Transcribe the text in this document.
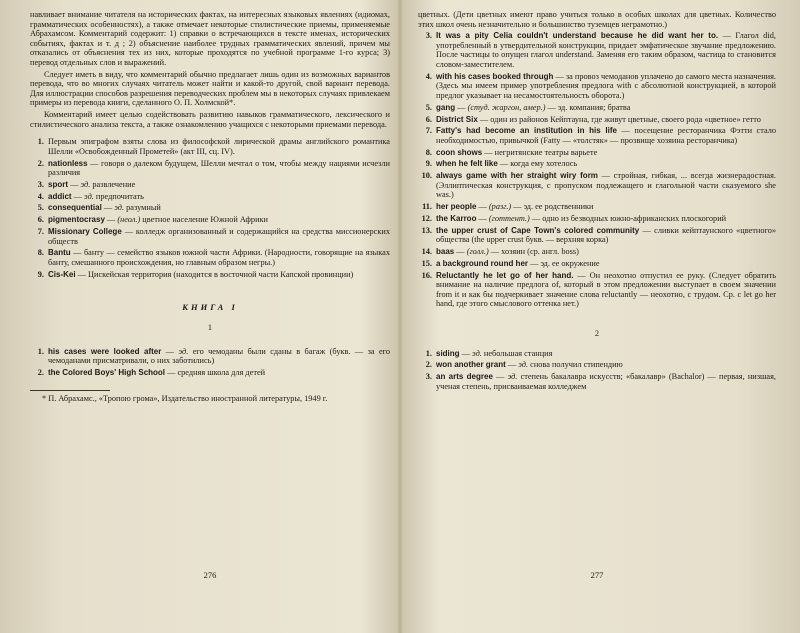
навливает внимание читателя на исторических фактах, на интересных языковых явлениях (идиомах, грамматических особенностях), а также отмечает некоторые стилистические приемы, применяемые Абрахамсом. Комментарий содержит: 1) справки о встречающихся в тексте именах, исторических событиях, фактах и т. д ; 2) объяснение наиболее трудных грамматических явлений, причем мы отказались от объяснения тех из них, которые проходятся по учебной программе 1-го курса; 3) перевод отдельных слов и выражений.

Следует иметь в виду, что комментарий обычно предлагает лишь один из возможных вариантов перевода, что во многих случаях читатель может найти и какой-то другой, свой вариант перевода. Для иллюстрации способов разрешения переводческих проблем мы в некоторых случаях привлекаем примеры из перевода книги, сделанного О. П. Холмской*.

Комментарий имеет целью содействовать развитию навыков грамматического, лексического и стилистического анализа текста, а также ознакомлению учащихся с некоторыми приемами перевода.

1. Первым эпиграфом взяты слова из философской лирической драмы английского романтика Шелли «Освобожденный Прометей» (акт III, сц. IV).
2. nationless — говоря о далеком будущем, Шелли мечтал о том, чтобы между нациями исчезли различия
3. sport — эд. развлечение
4. addict — эд. предпочитать
5. consequential — эд. разумный
6. pigmentocrasy — (неол.) цветное население Южной Африки
7. Missionary College — колледж организованный и содержащийся на средства миссионерских обществ
8. Bantu — банту — семейство языков южной части Африки. (Народности, говорящие на языках банту, смешанного происхождения, но главным образом негры.)
9. Cis-Kei — Цискейская территория (находится в восточной части Капской провинции)
КНИГА I
1
1. his cases were looked after — эд. его чемоданы были сданы в багаж (букв. — за его чемоданами присматривали, о них заботились)
2. the Colored Boys' High School — средняя школа для детей

* П. Абрахамс., «Тропою грома», Издательство иностранной литературы, 1949 г.

276

цветных. (Дети цветных имеют право учиться только в особых школах для цветных. Количество этих школ очень незначительно и большинство туземцев неграмотно.)

3. It was a pity Celia couldn't understand because he did want her to. — Глагол did, употребленный в утвердительной конструкции, придает эмфатическое звучание предложению. После частицы to опущен глагол understand. Заменяя его таким образом, частица to становится словом-заместителем.
4. with his cases booked through — за провоз чемоданов уплачено до самого места назначения.(Здесь мы имеем пример употребления предлога with с абсолютной конструкцией, в которой предлог указывает на несамостоятельность оборота.)
5. gang — (студ. жаргон, амер.) — эд. компания; братва
6. District Six — один из районов Кейптауна, где живут цветные, своего рода «цветное» гетто
7. Fatty's had become an institution in his life — посещение ресторанчика Фэтти стало необходимостью, привычкой (Fatty — «толстяк» — прозвище хозяина ресторанчика)
8. coon shows — негритянские театры варьете
9. when he felt like — когда ему хотелось
10. always game with her straight wiry form — стройная, гибкая, ... всегда жизнерадостная. (Эллиптическая конструкция, с пропуском подлежащего и глагольной части сказуемого she was.)
11. her people — (разг.) — эд. ее родственники
12. the Karroo — (готтент.) — одно из безводных южно-африканских плоскогорий
13. the upper crust of Cape Town's colored community — сливки кейптаунского «цветного» общества (the upper crust букв. — верхняя корка)
14. baas — (голл.) — хозяин (ср. англ. boss)
15. a background round her — эд. ее окружение
16. Reluctantly he let go of her hand. — Он неохотно отпустил ее руку. (Следует обратить внимание на наличие предлога of, который в этом предложении выступает в своем значении from it и как бы подчеркивает значение слова reluctantly — неохотно, с трудом. Ср. с let go her hand, где этого смыслового оттенка нет.)
2
1. siding — эд. небольшая станция
2. won another grant — эд. снова получил стипендию
3. an arts degree — эд. степень бакалавра искусств; «бакалавр» (Bachalor) — первая, низшая, ученая степень, присваиваемая колледжем
277
